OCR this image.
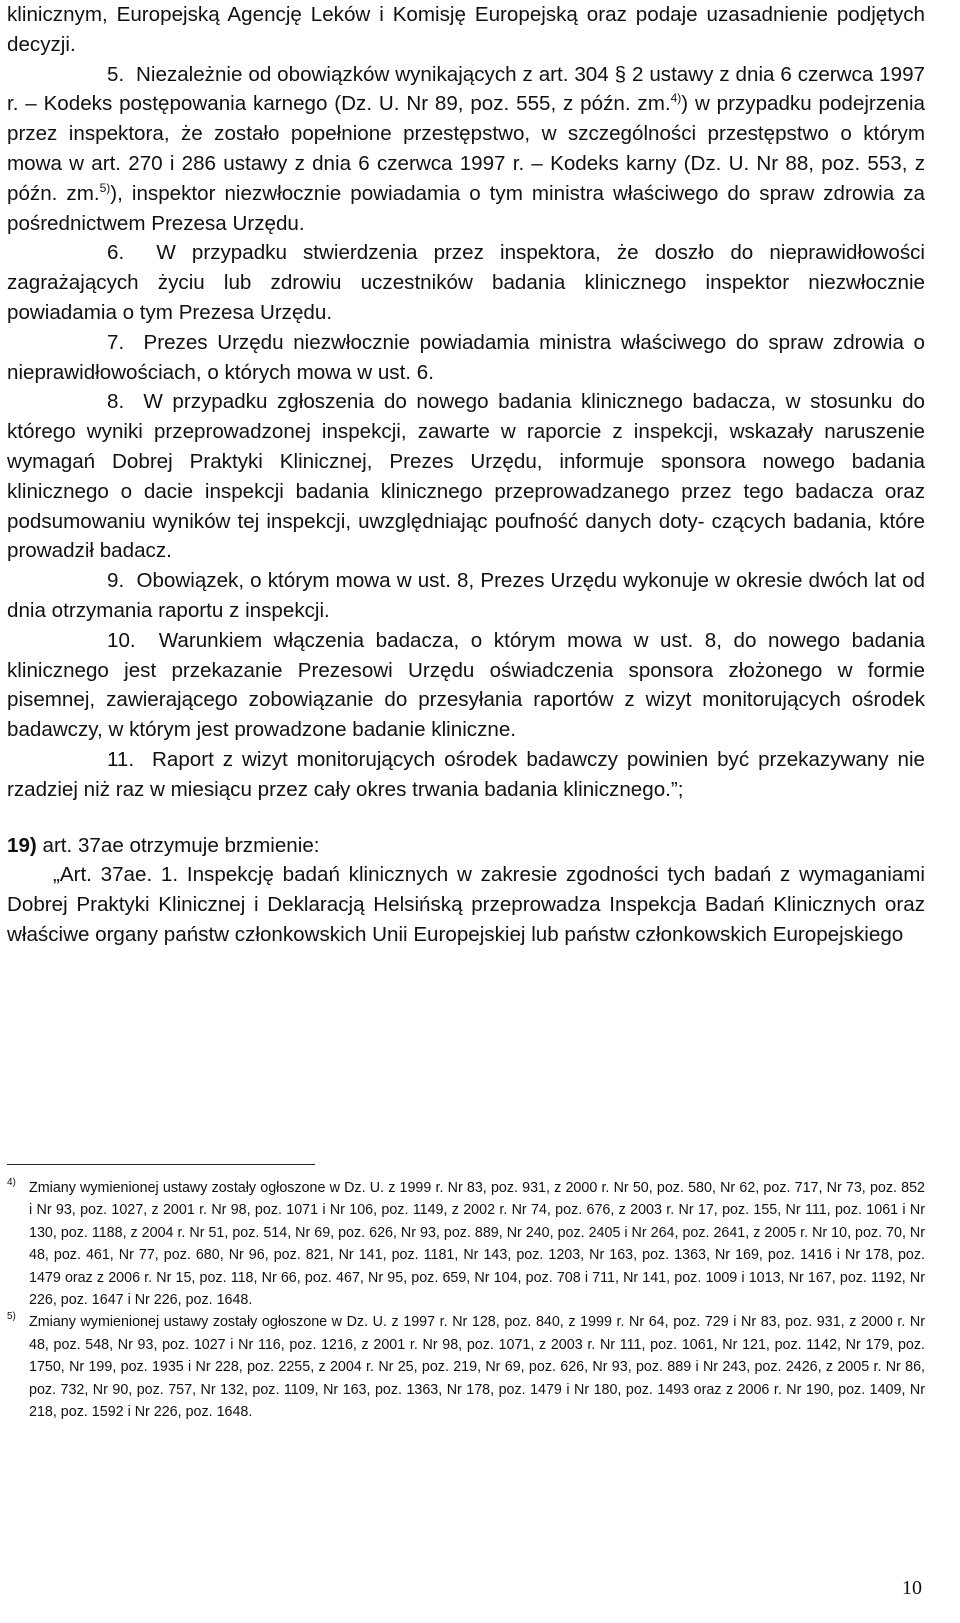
klinicznym, Europejską Agencję Leków i Komisję Europejską oraz podaje uzasadnienie podjętych decyzji.

5. Niezależnie od obowiązków wynikających z art. 304 § 2 ustawy z dnia 6 czerwca 1997 r. – Kodeks postępowania karnego (Dz. U. Nr 89, poz. 555, z późn. zm.$^{4)}$) w przypadku podejrzenia przez inspektora, że zostało popełnione przestępstwo, w szczególności przestępstwo o którym mowa w art. 270 i 286 ustawy z dnia 6 czerwca 1997 r. – Kodeks karny (Dz. U. Nr 88, poz. 553, z późn. zm.$^{5)}$), inspektor niezwłocznie powiadamia o tym ministra właściwego do spraw zdrowia za pośrednictwem Prezesa Urzędu.

6. W przypadku stwierdzenia przez inspektora, że doszło do nieprawidłowości zagrażających życiu lub zdrowiu uczestników badania klinicznego inspektor niezwłocznie powiadamia o tym Prezesa Urzędu.

7. Prezes Urzędu niezwłocznie powiadamia ministra właściwego do spraw zdrowia o nieprawidłowościach, o których mowa w ust. 6.

8. W przypadku zgłoszenia do nowego badania klinicznego badacza, w stosunku do którego wyniki przeprowadzonej inspekcji, zawarte w raporcie z inspekcji, wskazały naruszenie wymagań Dobrej Praktyki Klinicznej, Prezes Urzędu, informuje sponsora nowego badania klinicznego o dacie inspekcji badania klinicznego przeprowadzanego przez tego badacza oraz podsumowaniu wyników tej inspekcji, uwzględniając poufność danych doty- czących badania, które prowadził badacz.

9. Obowiązek, o którym mowa w ust. 8, Prezes Urzędu wykonuje w okresie dwóch lat od dnia otrzymania raportu z inspekcji.

10. Warunkiem włączenia badacza, o którym mowa w ust. 8, do nowego badania klinicznego jest przekazanie Prezesowi Urzędu oświadczenia sponsora złożonego w formie pisemnej, zawierającego zobowiązanie do przesyłania raportów z wizyt monitorujących ośrodek badawczy, w którym jest prowadzone badanie kliniczne.

11. Raport z wizyt monitorujących ośrodek badawczy powinien być przekazywany nie rzadziej niż raz w miesiącu przez cały okres trwania badania klinicznego.”;

19) art. 37ae otrzymuje brzmienie:

„Art. 37ae. 1. Inspekcję badań klinicznych w zakresie zgodności tych badań z wymaganiami Dobrej Praktyki Klinicznej i Deklaracją Helsińską przeprowadza Inspekcja Badań Klinicznych oraz właściwe organy państw członkowskich Unii Europejskiej lub państw członkowskich Europejskiego

4) Zmiany wymienionej ustawy zostały ogłoszone w Dz. U. z 1999 r. Nr 83, poz. 931, z 2000 r. Nr 50, poz. 580, Nr 62, poz. 717, Nr 73, poz. 852 i Nr 93, poz. 1027, z 2001 r. Nr 98, poz. 1071 i Nr 106, poz. 1149, z 2002 r. Nr 74, poz. 676, z 2003 r. Nr 17, poz. 155, Nr 111, poz. 1061 i Nr 130, poz. 1188, z 2004 r. Nr 51, poz. 514, Nr 69, poz. 626, Nr 93, poz. 889, Nr 240, poz. 2405 i Nr 264, poz. 2641, z 2005 r. Nr 10, poz. 70, Nr 48, poz. 461, Nr 77, poz. 680, Nr 96, poz. 821, Nr 141, poz. 1181, Nr 143, poz. 1203, Nr 163, poz. 1363, Nr 169, poz. 1416 i Nr 178, poz. 1479 oraz z 2006 r. Nr 15, poz. 118, Nr 66, poz. 467, Nr 95, poz. 659, Nr 104, poz. 708 i 711, Nr 141, poz. 1009 i 1013, Nr 167, poz. 1192, Nr 226, poz. 1647 i Nr 226, poz. 1648.

5) Zmiany wymienionej ustawy zostały ogłoszone w Dz. U. z 1997 r. Nr 128, poz. 840, z 1999 r. Nr 64, poz. 729 i Nr 83, poz. 931, z 2000 r. Nr 48, poz. 548, Nr 93, poz. 1027 i Nr 116, poz. 1216, z 2001 r. Nr 98, poz. 1071, z 2003 r. Nr 111, poz. 1061, Nr 121, poz. 1142, Nr 179, poz. 1750, Nr 199, poz. 1935 i Nr 228, poz. 2255, z 2004 r. Nr 25, poz. 219, Nr 69, poz. 626, Nr 93, poz. 889 i Nr 243, poz. 2426, z 2005 r. Nr 86, poz. 732, Nr 90, poz. 757, Nr 132, poz. 1109, Nr 163, poz. 1363, Nr 178, poz. 1479 i Nr 180, poz. 1493 oraz z 2006 r. Nr 190, poz. 1409, Nr 218, poz. 1592 i Nr 226, poz. 1648.

10
